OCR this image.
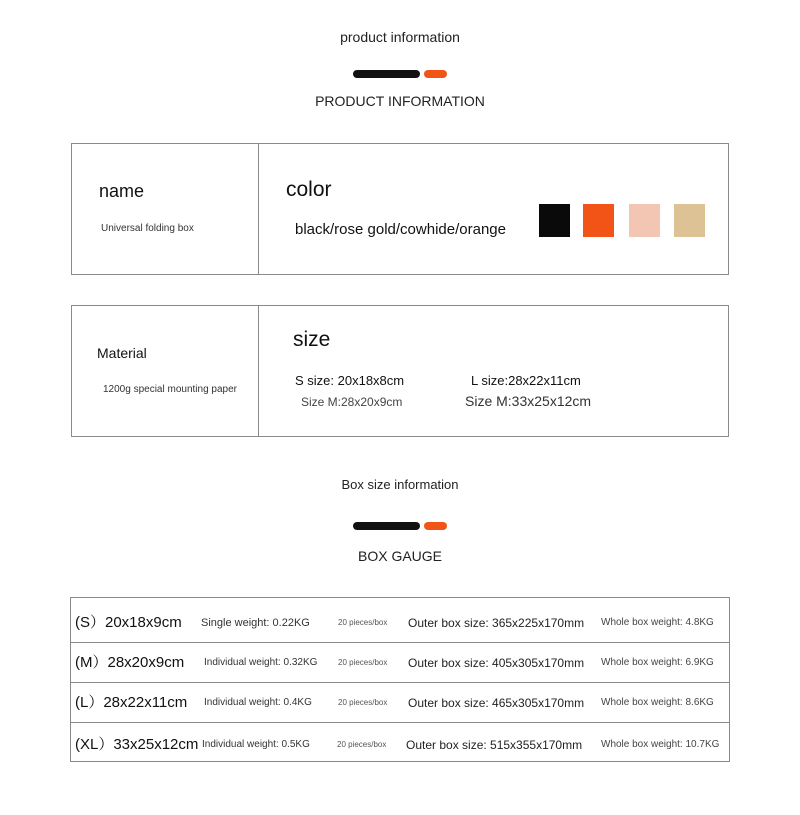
product information
PRODUCT INFORMATION
name
Universal folding box
color
black/rose gold/cowhide/orange
Material
1200g special mounting paper
size
S size: 20x18x8cm	L size:28x22x11cm
Size M:28x20x9cm	Size M:33x25x12cm
Box size information
BOX GAUGE
(S）20x18x9cm Single weight: 0.22KG	20 pieces/box Outer box size: 365x225x170mm Whole box weight: 4.8KG
(M）28x20x9cm Individual weight: 0.32KG	20 pieces/box Outer box size: 405x305x170mm Whole box weight: 6.9KG
(L）28x22x11cm Individual weight: 0.4KG	20 pieces/box Outer box size: 465x305x170mm Whole box weight: 8.6KG
(XL）33x25x12cm Individual weight: 0.5KG	20 pieces/box Outer box size: 515x355x170mm Whole box weight: 10.7KG
